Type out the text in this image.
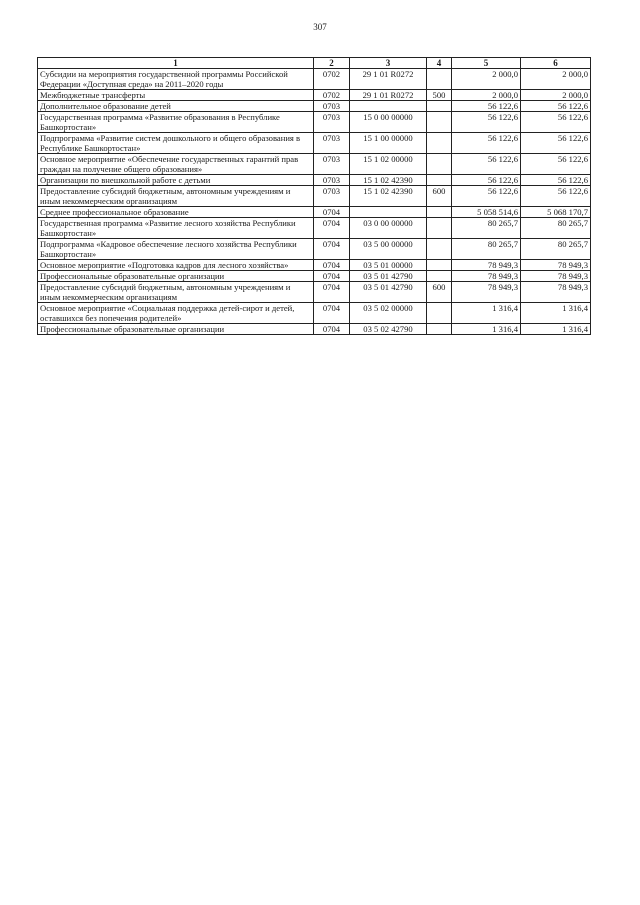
307
1	2	3	4	5	6
Субсидии на мероприятия государственной программы Российской Федерации «Доступная среда» на 2011–2020 годы	0702	29 1 01 R0272		2 000,0	2 000,0
Межбюджетные трансферты	0702	29 1 01 R0272	500	2 000,0	2 000,0
Дополнительное образование детей	0703			56 122,6	56 122,6
Государственная программа «Развитие образования в Республике Башкортостан»	0703	15 0 00 00000		56 122,6	56 122,6
Подпрограмма «Развитие систем дошкольного и общего образования в Республике Башкортостан»	0703	15 1 00 00000		56 122,6	56 122,6
Основное мероприятие «Обеспечение государственных гарантий прав граждан на получение общего образования»	0703	15 1 02 00000		56 122,6	56 122,6
Организации по внешкольной работе с детьми	0703	15 1 02 42390		56 122,6	56 122,6
Предоставление субсидий бюджетным, автономным учреждениям и иным некоммерческим организациям	0703	15 1 02 42390	600	56 122,6	56 122,6
Среднее профессиональное образование	0704			5 058 514,6	5 068 170,7
Государственная программа «Развитие лесного хозяйства Республики Башкортостан»	0704	03 0 00 00000		80 265,7	80 265,7
Подпрограмма «Кадровое обеспечение лесного хозяйства Республики Башкортостан»	0704	03 5 00 00000		80 265,7	80 265,7
Основное мероприятие «Подготовка кадров для лесного хозяйства»	0704	03 5 01 00000		78 949,3	78 949,3
Профессиональные образовательные организации	0704	03 5 01 42790		78 949,3	78 949,3
Предоставление субсидий бюджетным, автономным учреждениям и иным некоммерческим организациям	0704	03 5 01 42790	600	78 949,3	78 949,3
Основное мероприятие «Социальная поддержка детей-сирот и детей, оставшихся без попечения родителей»	0704	03 5 02 00000		1 316,4	1 316,4
Профессиональные образовательные организации	0704	03 5 02 42790		1 316,4	1 316,4
